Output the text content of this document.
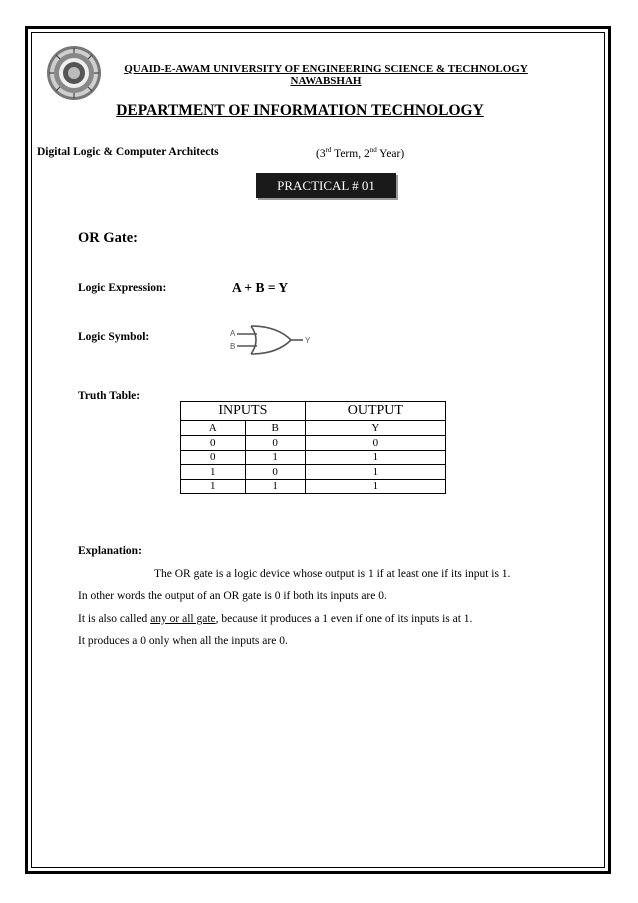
QUAID-E-AWAM UNIVERSITY OF ENGINEERING SCIENCE & TECHNOLOGY
NAWABSHAH
DEPARTMENT OF INFORMATION TECHNOLOGY
Digital Logic & Computer Architects	(3rd Term, 2nd Year)
PRACTICAL # 01
OR Gate:
Logic Expression:	A + B = Y
Logic Symbol:	A
B
Y
Truth Table:
INPUTS		OUTPUT
A	B	Y
0	0	0
0	1	1
1	0	1
1	1	1
Explanation:
The OR gate is a logic device whose output is 1 if at least one if its input is 1.
In other words the output of an OR gate is 0 if both its inputs are 0.
It is also called any or all gate, because it produces a 1 even if one of its inputs is at 1.
It produces a 0 only when all the inputs are 0.
